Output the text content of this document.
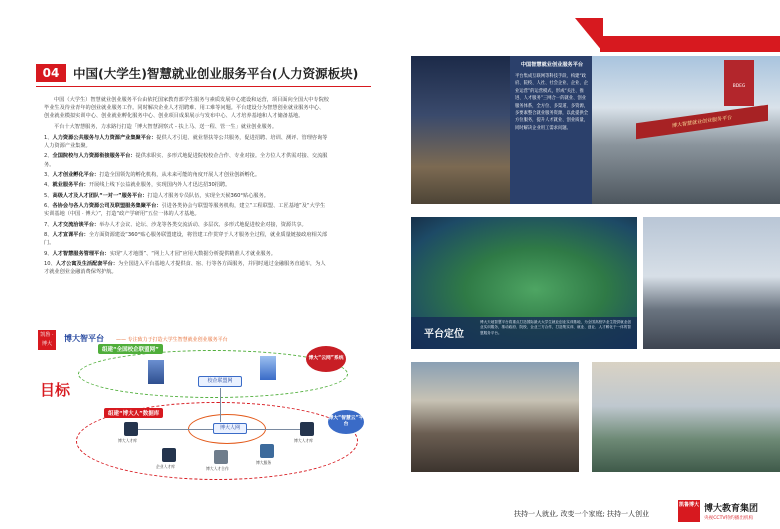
04	中国(大学生)智慧就业创业服务平台(人力资源板块)

中国（大学生）智慧就业创业服务平台由依托国家教育部学生服务与素质发展中心建设和运营，项目面向全国大中专院校毕业生及待业青年的创业就业服务工作。同时解决企业人才招聘难、用工难等问题。平台建设分为智慧创业就业服务中心、创业就业模拟实训中心、创业就业孵化服务中心、创业项目成果展示与发布中心、人才培养基地和人才储备基地。

平台十大智慧服务，力求路行打造「博大智慧洞察式 - 扶上马、送一程、管一生」就业创业服务。

1、人力资源公共服务与人力资源产业集聚平台：提供人才引进、就业帮扶等公共服务，促进招聘、培训、测评、管理咨询等人力资源产业集聚。

2、全国院校与人力资源衔接服务平台：提供求职实、多形式地促进院校校企合作、专业对接。全方位人才供需对接、交流服务。

3、人才创业孵化平台：打造全国领先的孵化机构，从未来可能的角度开展人才创业创新孵化。

4、就业服务平台：开展线上线下公益就业服务，实现国内外人才迅达招30招聘。

5、高级人才及人才团队“一对一”服务平台：打造人才服务专员队伍，实现全天候360°贴心服务。

6、各协会与各人力资源公司及联盟服务集聚平台：引进各类协会与联盟等服务机构，建立“工程联盟、工匠基地”及“大学生实训基地（中国 · 博大）”，打造“政产学研用”五位一体的人才基地。

7、人才交流洽谈平台：举办人才会议、论坛、沙龙等各类交流活动、多层次、多形式地促进校企对接，资源共享。

8、人才宣课平台：全方面资源建设“360°贴心服务联盟建设，将管建工作贯穿于人才服务全过程，就业质量链接政府相关部门。

9、人才智慧服务管理平台：实现“人才地图”、“网上人才园”应用大数据分析提供精准人才就业服务。

10、人才公寓及生活配套平台：为全国进入平台基地人才提供食、宿、行等各方面服务，并同时通过金融服务直通车，为人才就业创业金融消费保驾护航。

凯鲁 · 博大
博大智平台 —— 专注致力于打造大学生智慧就业创业服务平台
目标
组建“全国校企联盟网”
组建“博大人”数据库
博大“云网”系统
博大“智慧云”平台
校企联盟网
博大人网
博大人才库
企业人才库	博大人才合作
博大服务
博大人才库
中国智慧就业创业服务平台
平台集成互联网等科技手段，构建“政府、院校、人社、社会企业、企业、企业运营”的运营模式，形成“关注、推进、人才服务”三网合一的就业、创业服务体系，全方位、多渠道、多资源，多要素整合就业服务资源，以此提供全方位服务，提升人才就业、创业质量，同时解决企业用工需求问题。
BDEG
博大智慧就业创业服务平台
平台定位
博大天地智慧平台将重点打造国际最大大学生就业创业实训基地，为全国高校毕业生提供就业创业实训服务，推动政府、院校、企业三方合作，打造集实训、就业、创业、人才孵化于一体的智慧服务平台。
扶持一人就业, 改变一个家庭; 扶持一人创业
凯鲁博大 博大教育集团
央视CCTV特约播出机构
